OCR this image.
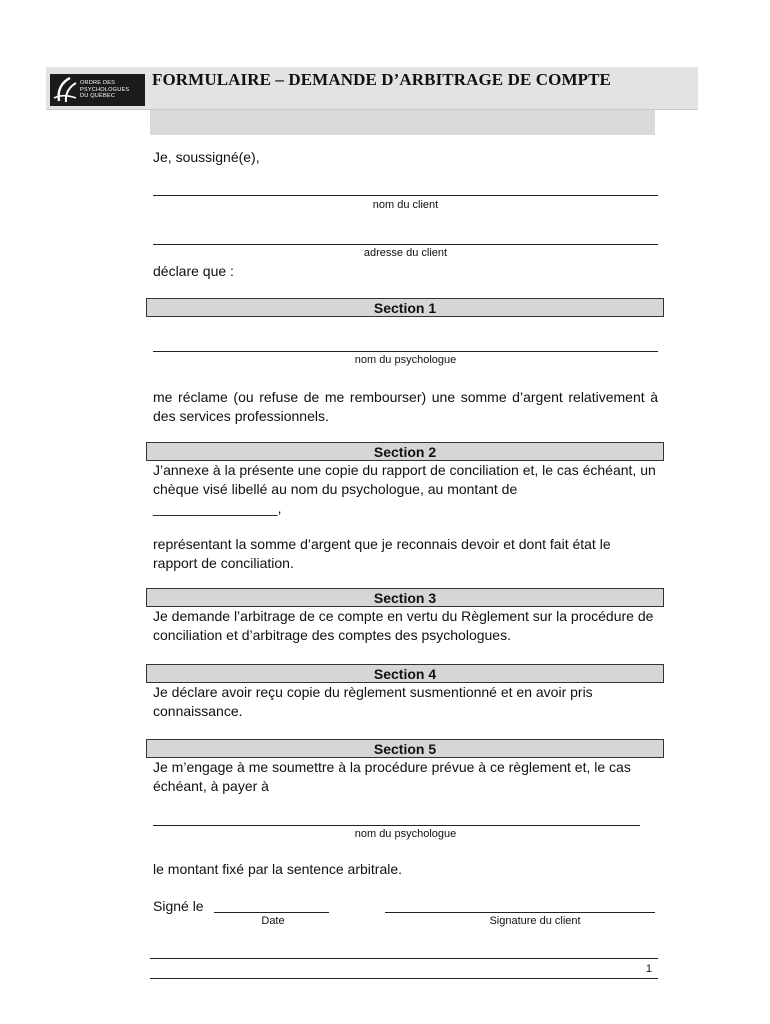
ORDRE DES
PSYCHOLOGUES
DU QUÉBEC
FORMULAIRE – DEMANDE D’ARBITRAGE DE COMPTE
Je, soussigné(e),
nom du client
adresse du client
déclare que :
Section 1
nom du psychologue
me réclame (ou refuse de me rembourser) une somme d’argent relativement à des services professionnels.
Section 2
J’annexe à la présente une copie du rapport de conciliation et, le cas échéant, un chèque visé libellé au nom du psychologue, au montant de
________________,
représentant la somme d’argent que je reconnais devoir et dont fait état le rapport de conciliation.
Section 3
Je demande l’arbitrage de ce compte en vertu du Règlement sur la procédure de conciliation et d’arbitrage des comptes des psychologues.
Section 4
Je déclare avoir reçu copie du règlement susmentionné et en avoir pris connaissance.
Section 5
Je m’engage à me soumettre à la procédure prévue à ce règlement et, le cas échéant, à payer à
nom du psychologue
le montant fixé par la sentence arbitrale.
Signé le
Date	Signature du client
1
